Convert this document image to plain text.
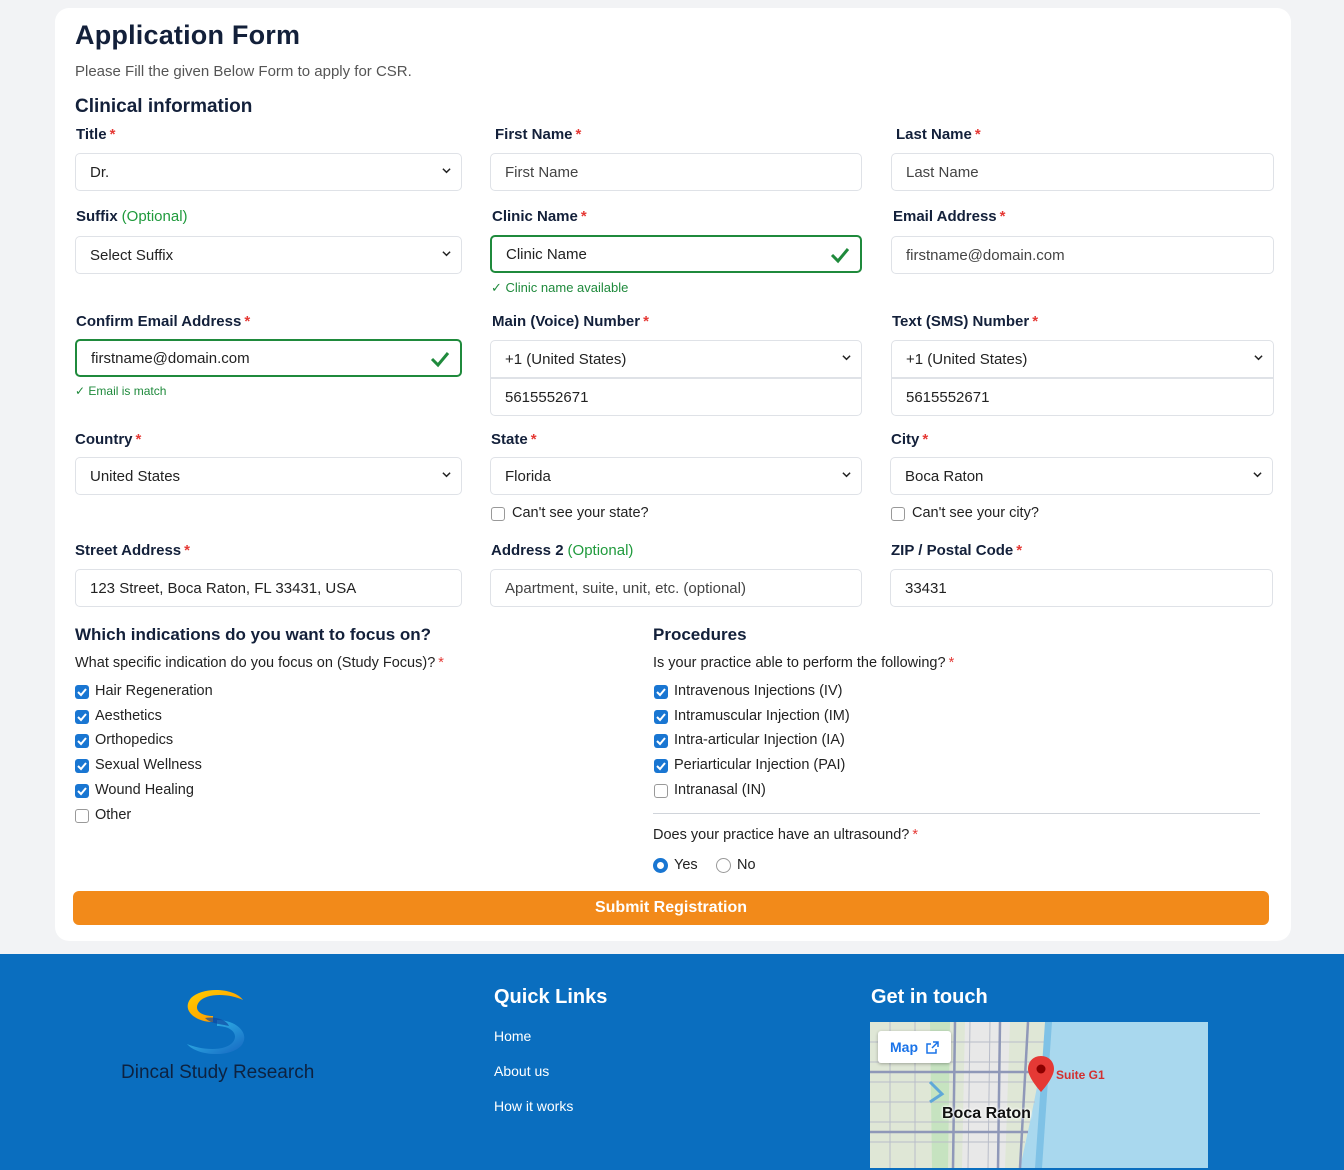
Application Form
Please Fill the given Below Form to apply for CSR.
Clinical information
Title *
Dr.
First Name *
First Name
Last Name *
Last Name
Suffix (Optional)
Select Suffix
Clinic Name *
Clinic Name
✓ Clinic name available
Email Address *
firstname@domain.com
Confirm Email Address *
firstname@domain.com
✓ Email is match
Main (Voice) Number *
+1 (United States)
5615552671
Text (SMS) Number *
+1 (United States)
5615552671
Country *
United States
State *
Florida
Can't see your state?
City *
Boca Raton
Can't see your city?
Street Address *
123 Street, Boca Raton, FL 33431, USA
Address 2 (Optional)
Apartment, suite, unit, etc. (optional)
ZIP / Postal Code *
33431
Which indications do you want to focus on?
What specific indication do you focus on (Study Focus)? *
Hair Regeneration
Aesthetics
Orthopedics
Sexual Wellness
Wound Healing
Other
Procedures
Is your practice able to perform the following? *
Intravenous Injections (IV)
Intramuscular Injection (IM)
Intra-articular Injection (IA)
Periarticular Injection (PAI)
Intranasal (IN)
Does your practice have an ultrasound? *
Yes	No
Submit Registration
Dincal Study Research
Quick Links
Home
About us
How it works
Get in touch
Map
Suite G1
Boca Raton
